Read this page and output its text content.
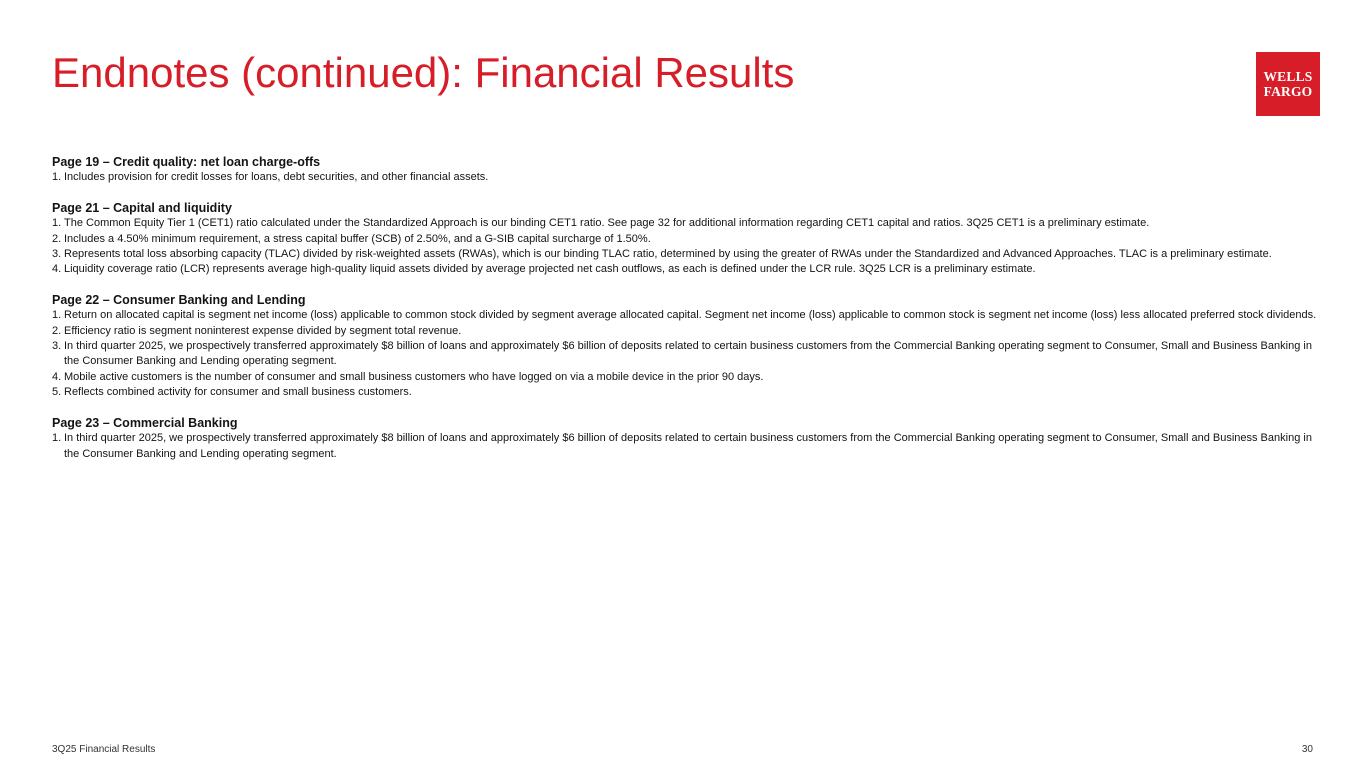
Endnotes (continued): Financial Results	WELLS
FARGO
Page 19 – Credit quality: net loan charge-offs
1. Includes provision for credit losses for loans, debt securities, and other financial assets.
Page 21 – Capital and liquidity
1. The Common Equity Tier 1 (CET1) ratio calculated under the Standardized Approach is our binding CET1 ratio. See page 32 for additional information regarding CET1 capital and ratios. 3Q25 CET1 is a preliminary estimate.
2. Includes a 4.50% minimum requirement, a stress capital buffer (SCB) of 2.50%, and a G-SIB capital surcharge of 1.50%.
3. Represents total loss absorbing capacity (TLAC) divided by risk-weighted assets (RWAs), which is our binding TLAC ratio, determined by using the greater of RWAs under the Standardized and Advanced Approaches. TLAC is a preliminary estimate.
4. Liquidity coverage ratio (LCR) represents average high-quality liquid assets divided by average projected net cash outflows, as each is defined under the LCR rule. 3Q25 LCR is a preliminary estimate.
Page 22 – Consumer Banking and Lending
1. Return on allocated capital is segment net income (loss) applicable to common stock divided by segment average allocated capital. Segment net income (loss) applicable to common stock is segment net income (loss) less allocated preferred stock dividends.
2. Efficiency ratio is segment noninterest expense divided by segment total revenue.
3. In third quarter 2025, we prospectively transferred approximately $8 billion of loans and approximately $6 billion of deposits related to certain business customers from the Commercial Banking operating segment to Consumer, Small and Business Banking in the Consumer Banking and Lending operating segment.
4. Mobile active customers is the number of consumer and small business customers who have logged on via a mobile device in the prior 90 days.
5. Reflects combined activity for consumer and small business customers.
Page 23 – Commercial Banking
1. In third quarter 2025, we prospectively transferred approximately $8 billion of loans and approximately $6 billion of deposits related to certain business customers from the Commercial Banking operating segment to Consumer, Small and Business Banking in the Consumer Banking and Lending operating segment.
3Q25 Financial Results	30
